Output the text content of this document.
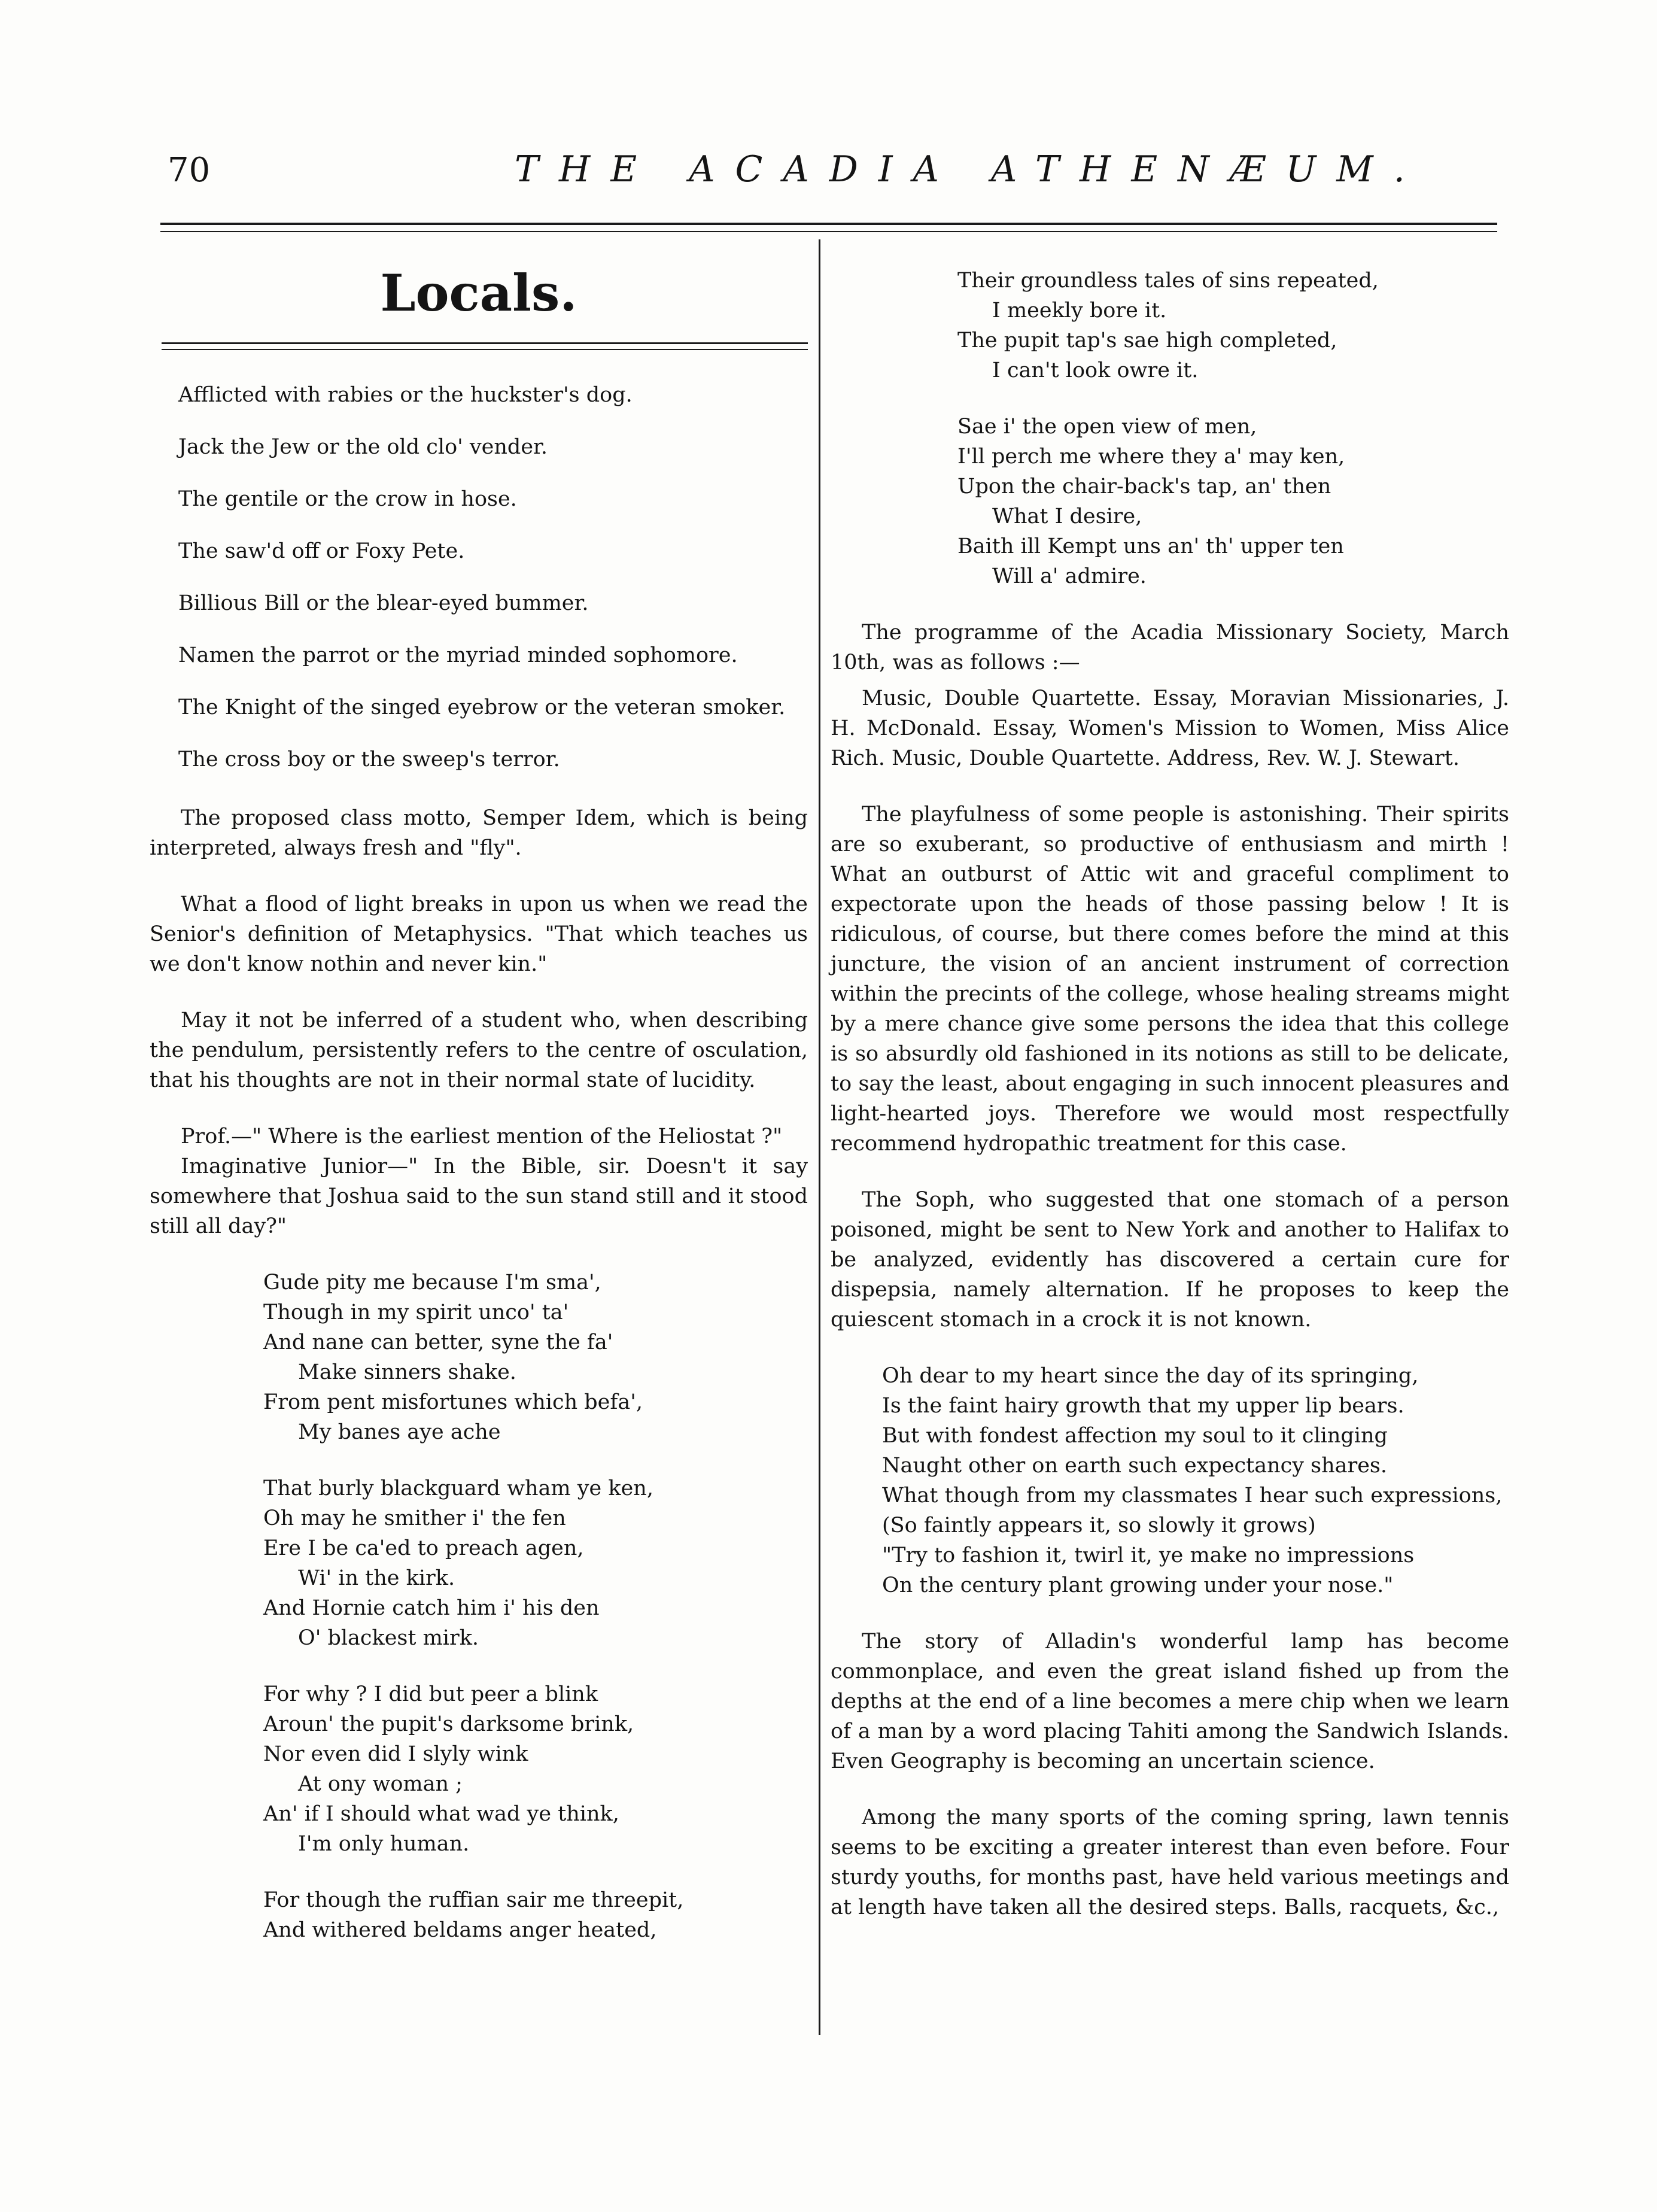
70	THE ACADIA ATHENÆUM.
Locals.

Afflicted with rabies or the huckster's dog.

Jack the Jew or the old clo' vender.

The gentile or the crow in hose.

The saw'd off or Foxy Pete.

Billious Bill or the blear-eyed bummer.

Namen the parrot or the myriad minded sophomore.

The Knight of the singed eyebrow or the veteran smoker.

The cross boy or the sweep's terror.

The proposed class motto, Semper Idem, which is being interpreted, always fresh and "fly".

What a flood of light breaks in upon us when we read the Senior's definition of Metaphysics. "That which teaches us we don't know nothin and never kin."

May it not be inferred of a student who, when describing the pendulum, persistently refers to the centre of osculation, that his thoughts are not in their normal state of lucidity.

Prof.—" Where is the earliest mention of the Heliostat ?"

Imaginative Junior—" In the Bible, sir. Doesn't it say somewhere that Joshua said to the sun stand still and it stood still all day?"

Gude pity me because I'm sma',
Though in my spirit unco' ta'
And nane can better, syne the fa'
Make sinners shake.
From pent misfortunes which befa',
My banes aye ache
That burly blackguard wham ye ken,
Oh may he smither i' the fen
Ere I be ca'ed to preach agen,
Wi' in the kirk.
And Hornie catch him i' his den
O' blackest mirk.
For why ? I did but peer a blink
Aroun' the pupit's darksome brink,
Nor even did I slyly wink
At ony woman ;
An' if I should what wad ye think,
I'm only human.
For though the ruffian sair me threepit,
And withered beldams anger heated,
Their groundless tales of sins repeated,
I meekly bore it.
The pupit tap's sae high completed,
I can't look owre it.
Sae i' the open view of men,
I'll perch me where they a' may ken,
Upon the chair-back's tap, an' then
What I desire,
Baith ill Kempt uns an' th' upper ten
Will a' admire.

The programme of the Acadia Missionary Society, March 10th, was as follows :—

Music, Double Quartette. Essay, Moravian Missionaries, J. H. McDonald. Essay, Women's Mission to Women, Miss Alice Rich. Music, Double Quartette. Address, Rev. W. J. Stewart.

The playfulness of some people is astonishing. Their spirits are so exuberant, so productive of enthusiasm and mirth ! What an outburst of Attic wit and graceful compliment to expectorate upon the heads of those passing below ! It is ridiculous, of course, but there comes before the mind at this juncture, the vision of an ancient instrument of correction within the precints of the college, whose healing streams might by a mere chance give some persons the idea that this college is so absurdly old fashioned in its notions as still to be delicate, to say the least, about engaging in such innocent pleasures and light-hearted joys. Therefore we would most respectfully recommend hydropathic treatment for this case.

The Soph, who suggested that one stomach of a person poisoned, might be sent to New York and another to Halifax to be analyzed, evidently has discovered a certain cure for dispepsia, namely alternation. If he proposes to keep the quiescent stomach in a crock it is not known.

Oh dear to my heart since the day of its springing,
Is the faint hairy growth that my upper lip bears.
But with fondest affection my soul to it clinging
Naught other on earth such expectancy shares.
What though from my classmates I hear such expressions,
(So faintly appears it, so slowly it grows)
"Try to fashion it, twirl it, ye make no impressions
On the century plant growing under your nose."

The story of Alladin's wonderful lamp has become commonplace, and even the great island fished up from the depths at the end of a line becomes a mere chip when we learn of a man by a word placing Tahiti among the Sandwich Islands. Even Geography is becoming an uncertain science.

Among the many sports of the coming spring, lawn tennis seems to be exciting a greater interest than even before. Four sturdy youths, for months past, have held various meetings and at length have taken all the desired steps. Balls, racquets, &c.,
